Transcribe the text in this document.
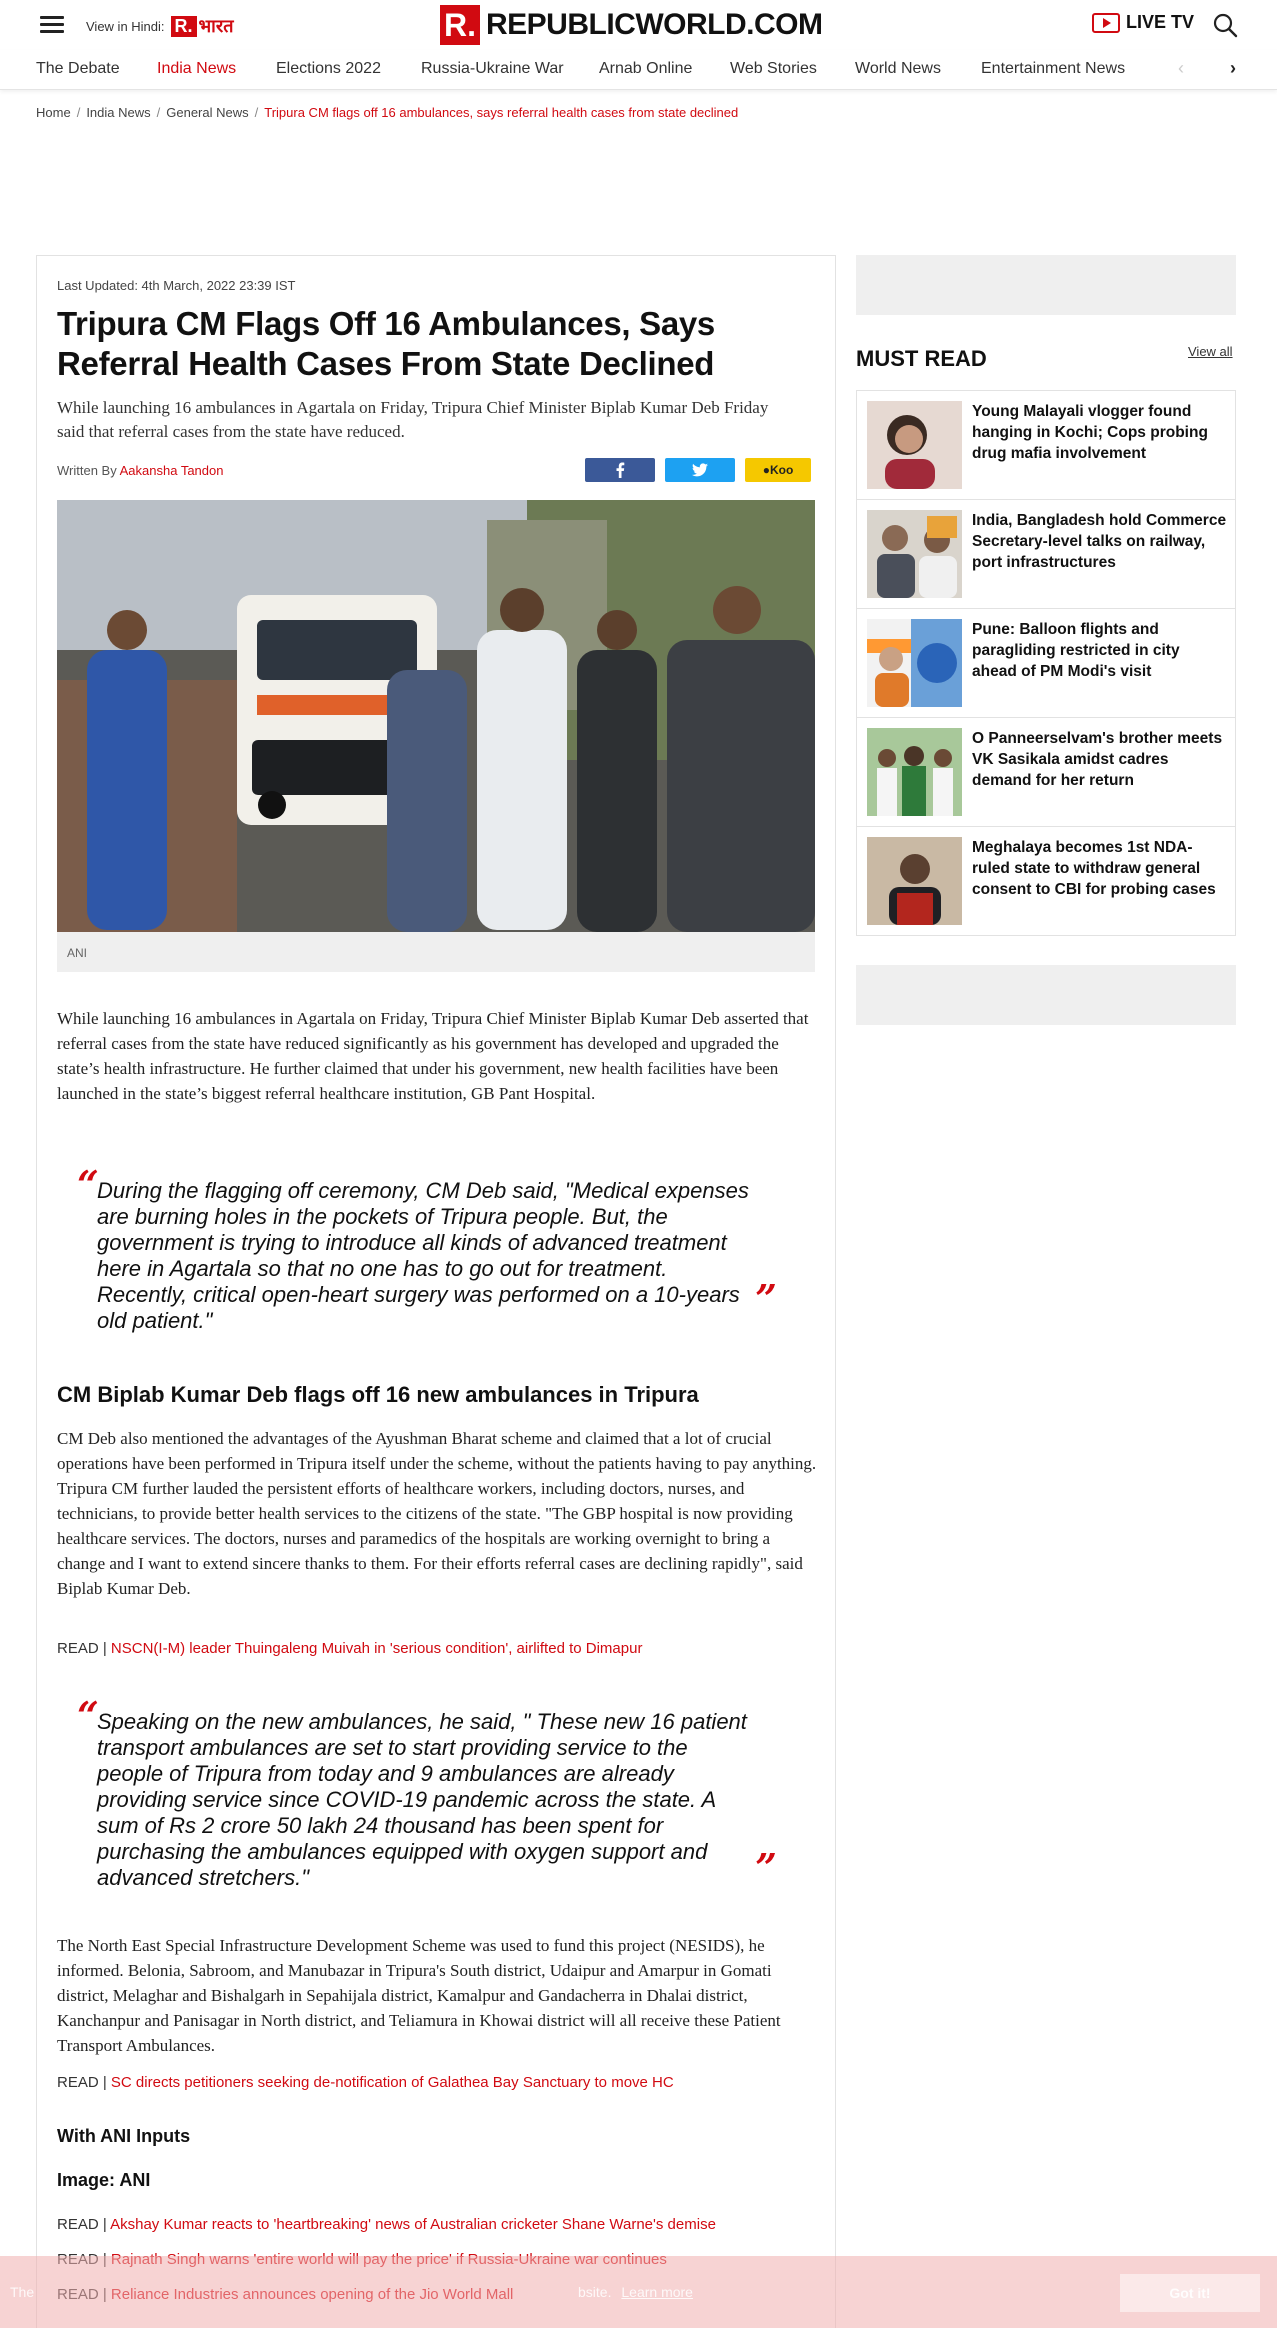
View in Hindi: R. भारत	R. REPUBLICWORLD.COM	LIVE TV
The Debate India News Elections 2022	Russia-Ukraine War Arnab Online Web Stories World News	Entertainment News	‹	›
Home / India News / General News / Tripura CM flags off 16 ambulances, says referral health cases from state declined
Last Updated: 4th March, 2022 23:39 IST
Tripura CM Flags Off 16 Ambulances, Says Referral Health Cases From State Declined

While launching 16 ambulances in Agartala on Friday, Tripura Chief Minister Biplab Kumar Deb Friday said that referral cases from the state have reduced.

Written By Aakansha Tandon	● Koo
ANI

While launching 16 ambulances in Agartala on Friday, Tripura Chief Minister Biplab Kumar Deb asserted that referral cases from the state have reduced significantly as his government has developed and upgraded the state’s health infrastructure. He further claimed that under his government, new health facilities have been launched in the state’s biggest referral healthcare institution, GB Pant Hospital.

“

During the flagging off ceremony, CM Deb said, "Medical expenses are burning holes in the pockets of Tripura people. But, the government is trying to introduce all kinds of advanced treatment here in Agartala so that no one has to go out for treatment. Recently, critical open-heart surgery was performed on a 10-years old patient."	”
CM Biplab Kumar Deb flags off 16 new ambulances in Tripura

CM Deb also mentioned the advantages of the Ayushman Bharat scheme and claimed that a lot of crucial operations have been performed in Tripura itself under the scheme, without the patients having to pay anything. Tripura CM further lauded the persistent efforts of healthcare workers, including doctors, nurses, and technicians, to provide better health services to the citizens of the state. "The GBP hospital is now providing healthcare services. The doctors, nurses and paramedics of the hospitals are working overnight to bring a change and I want to extend sincere thanks to them. For their efforts referral cases are declining rapidly", said Biplab Kumar Deb.

READ | NSCN(I-M) leader Thuingaleng Muivah in 'serious condition', airlifted to Dimapur
“

Speaking on the new ambulances, he said, " These new 16 patient transport ambulances are set to start providing service to the people of Tripura from today and 9 ambulances are already providing service since COVID-19 pandemic across the state. A sum of Rs 2 crore 50 lakh 24 thousand has been spent for purchasing the ambulances equipped with oxygen support and advanced stretchers."	”

The North East Special Infrastructure Development Scheme was used to fund this project (NESIDS), he informed. Belonia, Sabroom, and Manubazar in Tripura's South district, Udaipur and Amarpur in Gomati district, Melaghar and Bishalgarh in Sepahijala district, Kamalpur and Gandacherra in Dhalai district, Kanchanpur and Panisagar in North district, and Teliamura in Khowai district will all receive these Patient Transport Ambulances.

READ | SC directs petitioners seeking de-notification of Galathea Bay Sanctuary to move HC
With ANI Inputs
Image: ANI
READ | Akshay Kumar reacts to 'heartbreaking' news of Australian cricketer Shane Warne's demise
MUST READ	View all
Young Malayali vlogger found hanging in Kochi; Cops probing drug mafia involvement
India, Bangladesh hold Commerce Secretary-level talks on railway, port infrastructures
Pune: Balloon flights and paragliding restricted in city ahead of PM Modi's visit
O Panneerselvam's brother meets VK Sasikala amidst cadres demand for her return
Meghalaya becomes 1st NDA-ruled state to withdraw general consent to CBI for probing cases
The	bsite. Learn more	Got it!
